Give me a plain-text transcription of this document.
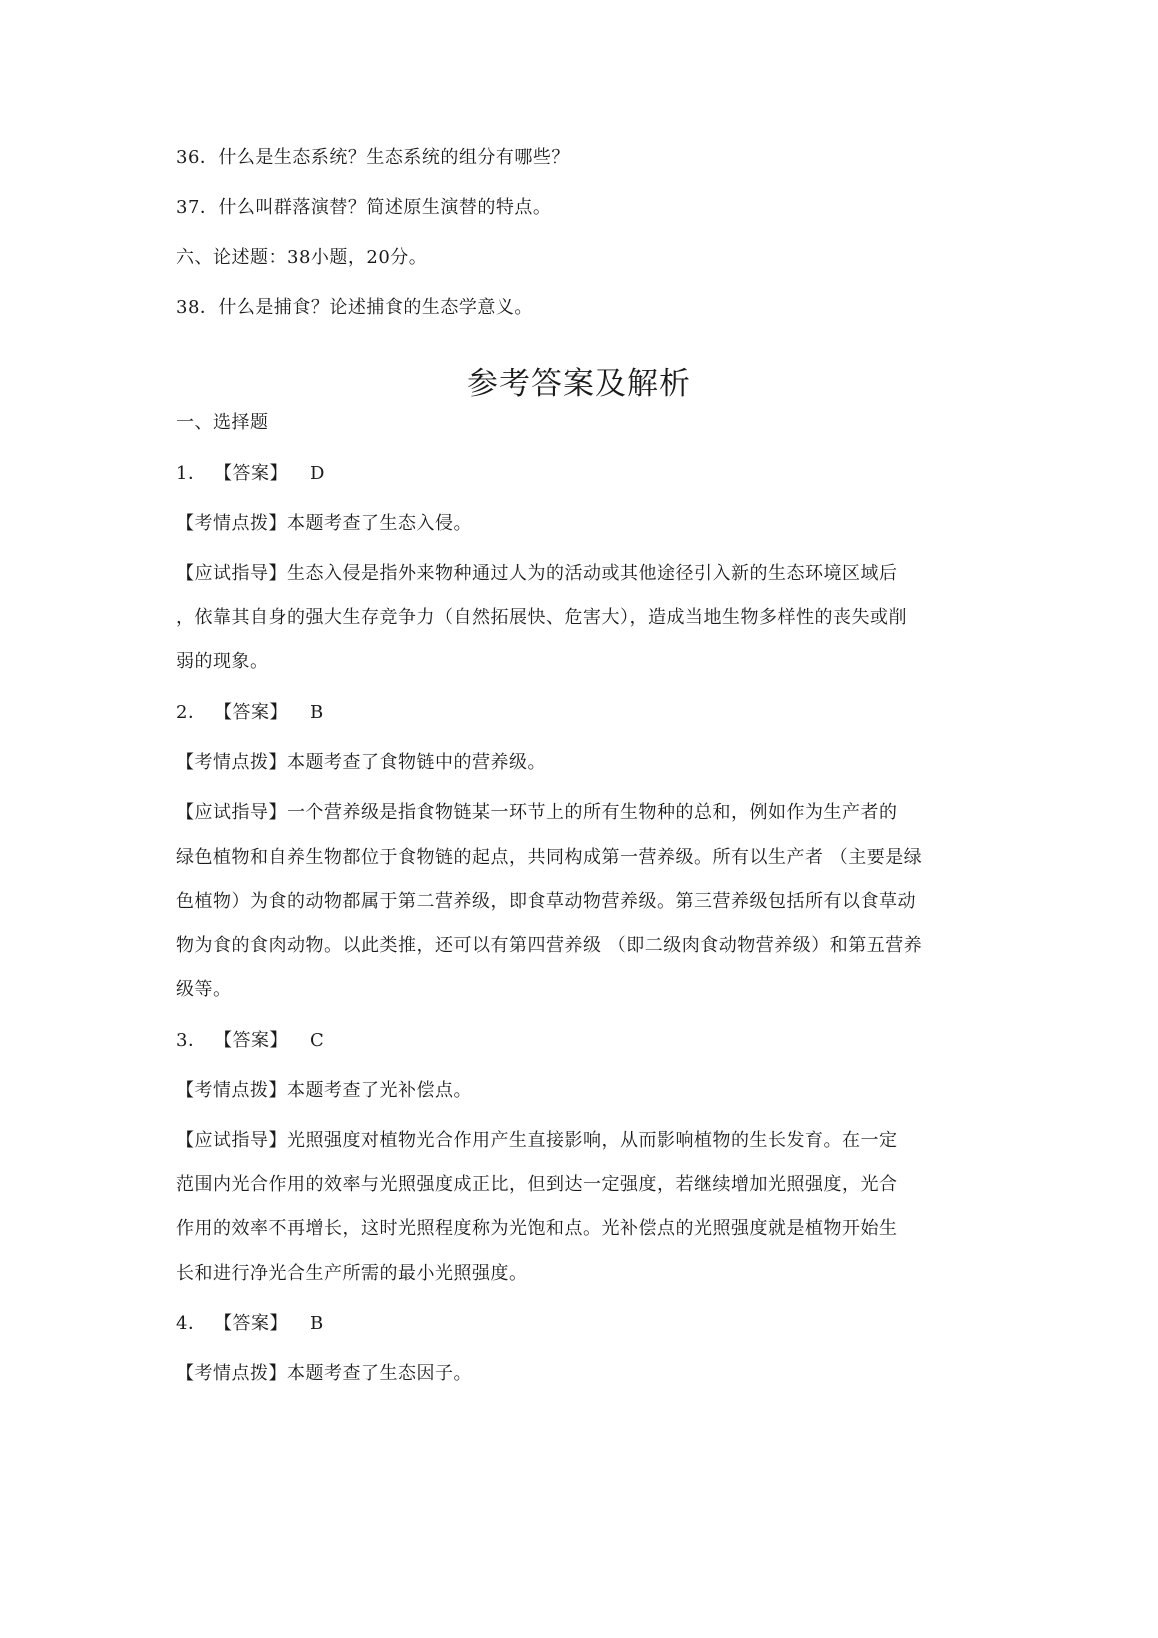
36．什么是生态系统？生态系统的组分有哪些？
37．什么叫群落演替？简述原生演替的特点。
六、论述题：38小题，20分。
38．什么是捕食？论述捕食的生态学意义。
参考答案及解析
一、选择题
1． 【答案】 D
【考情点拨】本题考查了生态入侵。
【应试指导】生态入侵是指外来物种通过人为的活动或其他途径引入新的生态环境区域后
，依靠其自身的强大生存竞争力（自然拓展快、危害大），造成当地生物多样性的丧失或削
弱的现象。
2． 【答案】 B
【考情点拨】本题考查了食物链中的营养级。
【应试指导】一个营养级是指食物链某一环节上的所有生物种的总和，例如作为生产者的
绿色植物和自养生物都位于食物链的起点，共同构成第一营养级。所有以生产者 （主要是绿
色植物）为食的动物都属于第二营养级，即食草动物营养级。第三营养级包括所有以食草动
物为食的食肉动物。以此类推，还可以有第四营养级 （即二级肉食动物营养级）和第五营养
级等。
3． 【答案】 C
【考情点拨】本题考查了光补偿点。
【应试指导】光照强度对植物光合作用产生直接影响，从而影响植物的生长发育。在一定
范围内光合作用的效率与光照强度成正比，但到达一定强度，若继续增加光照强度，光合
作用的效率不再增长，这时光照程度称为光饱和点。光补偿点的光照强度就是植物开始生
长和进行净光合生产所需的最小光照强度。
4． 【答案】 B
【考情点拨】本题考查了生态因子。
